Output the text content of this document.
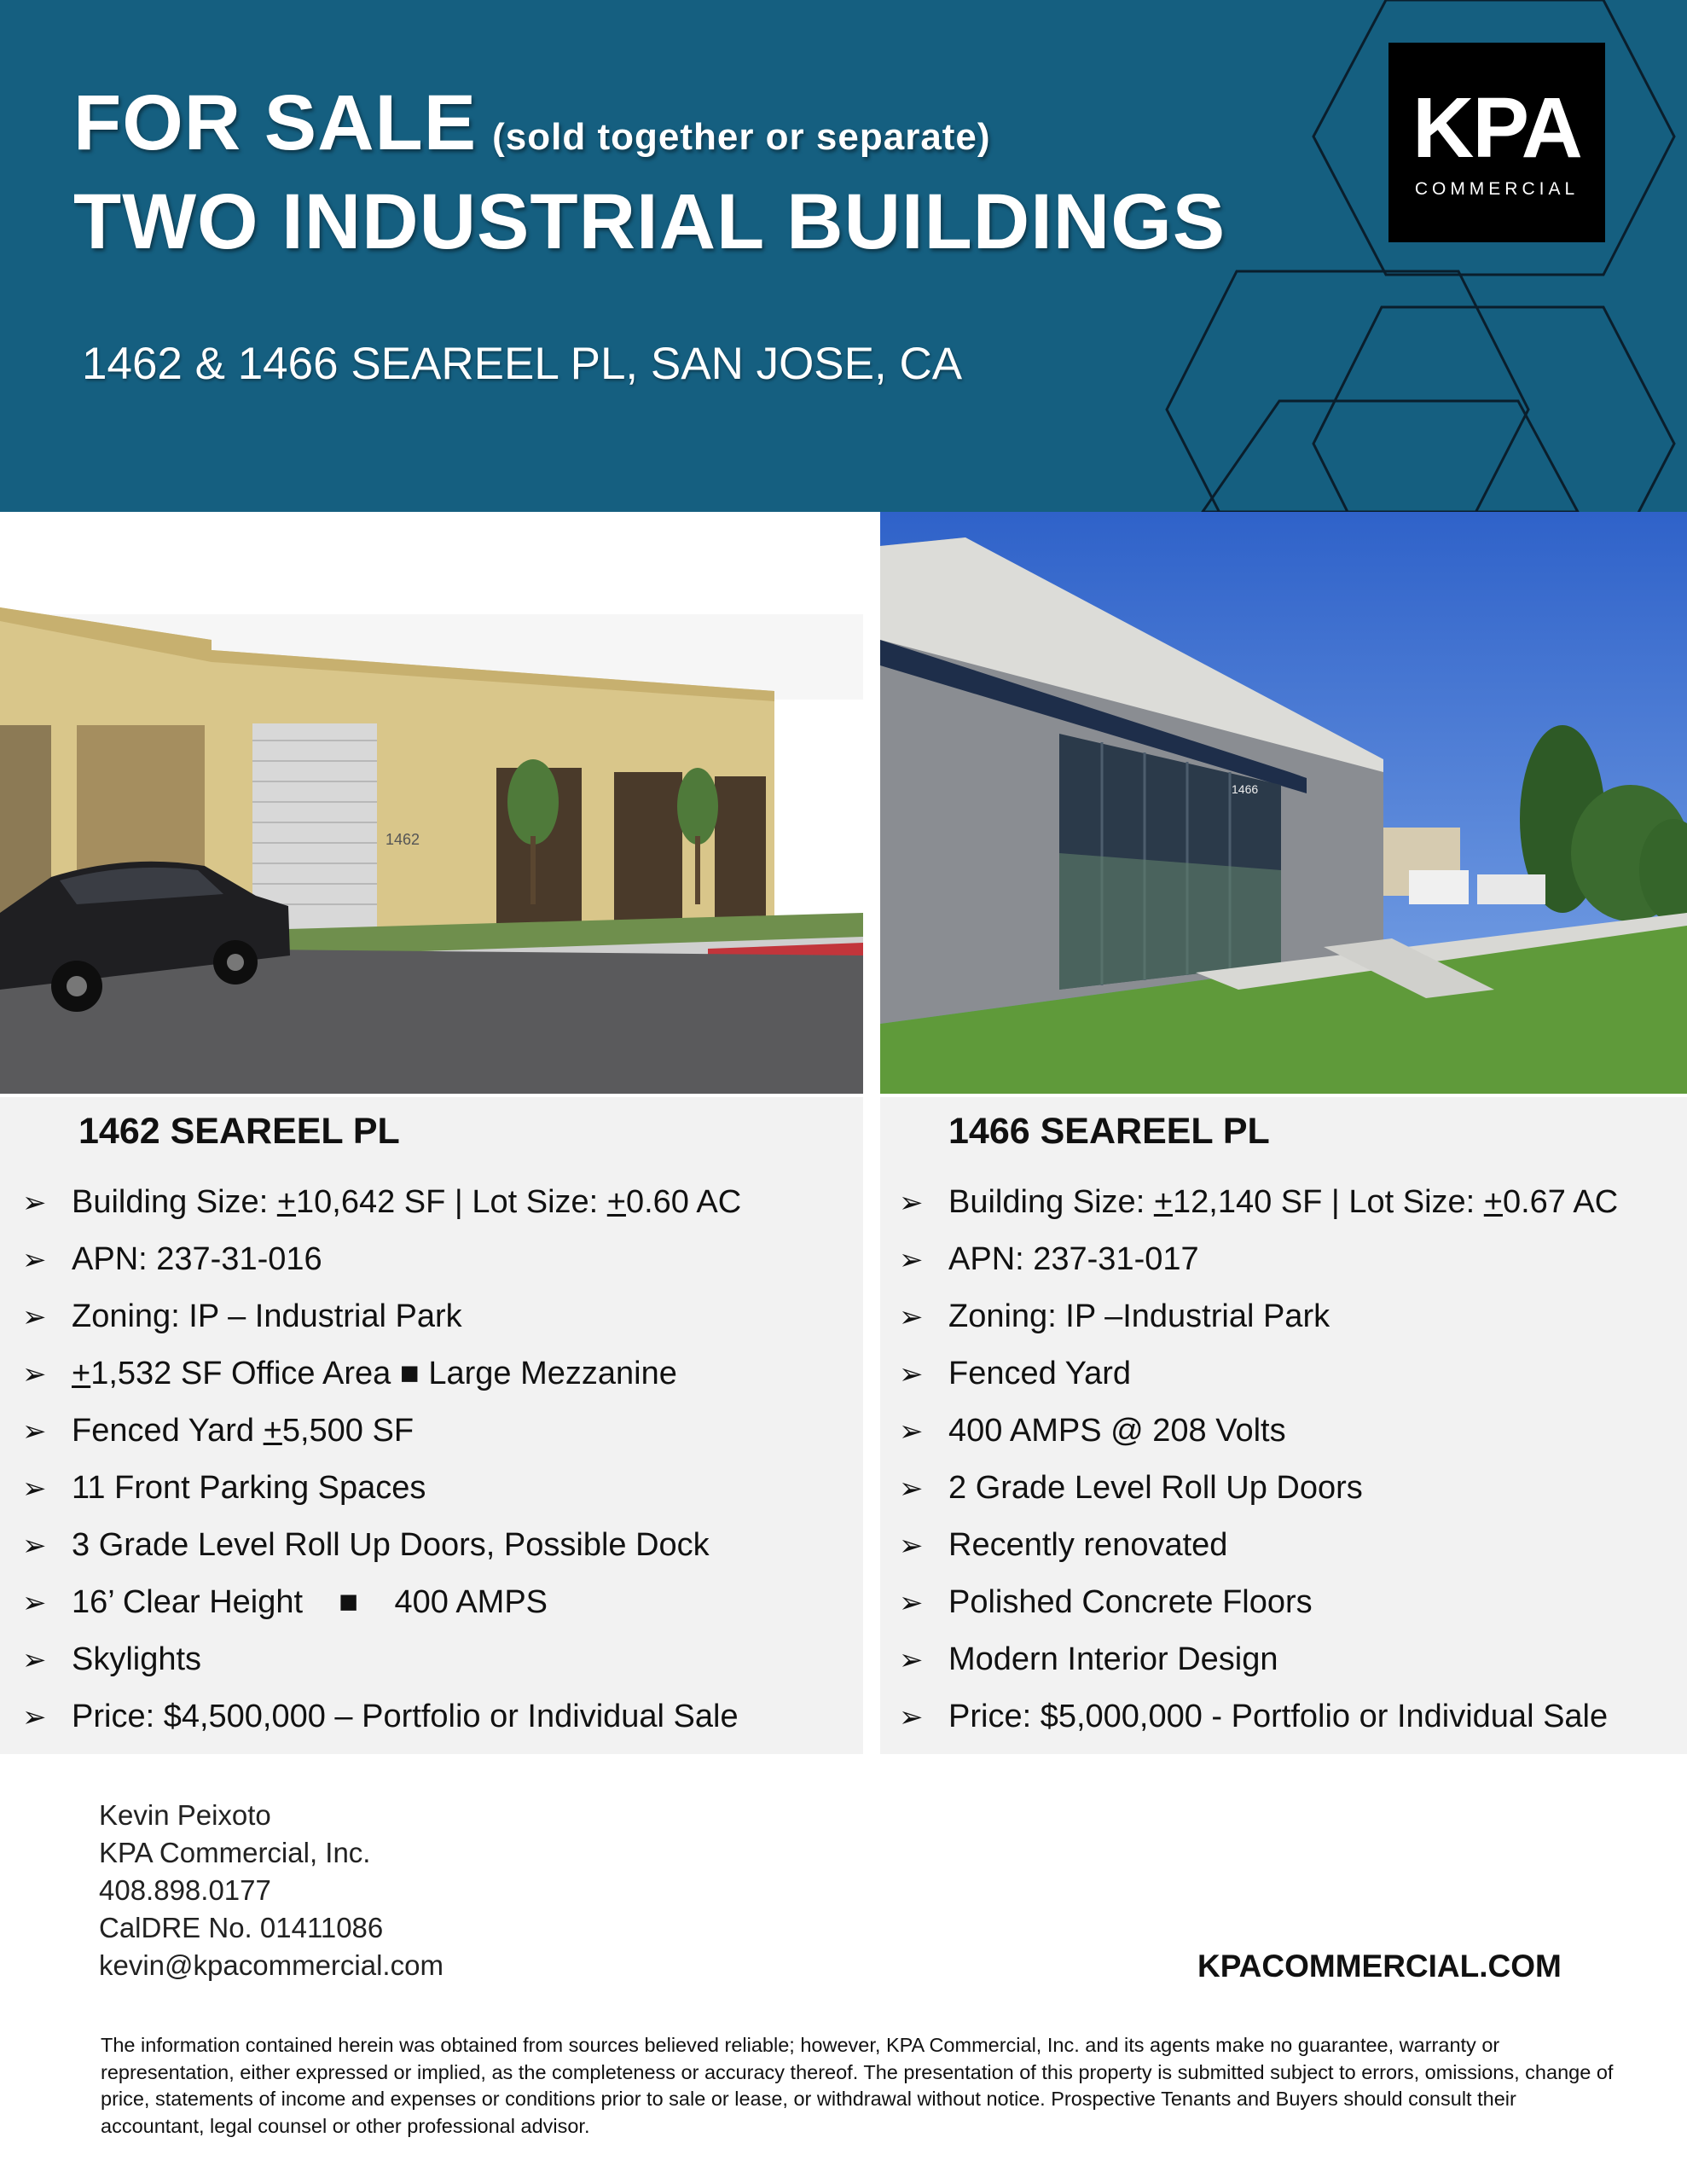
FOR SALE (sold together or separate)
TWO INDUSTRIAL BUILDINGS
1462 & 1466 SEAREEL PL, SAN JOSE, CA
KPA
COMMERCIAL
1462
1466
1462 SEAREEL PL
➢ Building Size: +10,642 SF | Lot Size: +0.60 AC
➢ APN: 237-31-016
➢ Zoning: IP – Industrial Park
➢ +1,532 SF Office Area ■ Large Mezzanine
➢ Fenced Yard +5,500 SF
➢ 11 Front Parking Spaces
➢ 3 Grade Level Roll Up Doors, Possible Dock
➢ 16’ Clear Height    ■    400 AMPS
➢ Skylights
➢ Price: $4,500,000 – Portfolio or Individual Sale
1466 SEAREEL PL
➢ Building Size: +12,140 SF | Lot Size: +0.67 AC
➢ APN: 237-31-017
➢ Zoning: IP –Industrial Park
➢ Fenced Yard
➢ 400 AMPS @ 208 Volts
➢ 2 Grade Level Roll Up Doors
➢ Recently renovated
➢ Polished Concrete Floors
➢ Modern Interior Design
➢ Price: $5,000,000 - Portfolio or Individual Sale
Kevin Peixoto
KPA Commercial, Inc.
408.898.0177
CalDRE No. 01411086
kevin@kpacommercial.com	KPACOMMERCIAL.COM
The information contained herein was obtained from sources believed reliable; however, KPA Commercial, Inc. and its agents make no guarantee, warranty or representation, either expressed or implied, as the completeness or accuracy thereof. The presentation of this property is submitted subject to errors, omissions, change of price, statements of income and expenses or conditions prior to sale or lease, or withdrawal without notice. Prospective Tenants and Buyers should consult their accountant, legal counsel or other professional advisor.
